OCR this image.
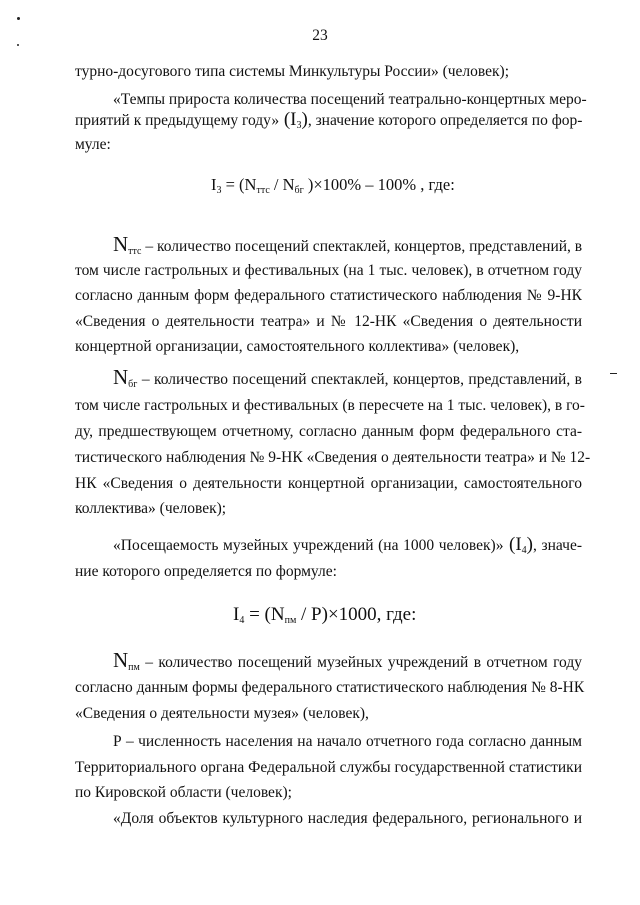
23

турно-досугового типа системы Минкультуры России» (человек);

«Темпы прироста количества посещений театрально-концертных меро-

приятий к предыдущему году» $(I_3)$, значение которого определяется по фор-

муле:

$I_3 = (N_{ттс} / N_{бг}$ )×100% – 100% , где:

$N_{ттс}$ – количество посещений спектаклей, концертов, представлений, в

том числе гастрольных и фестивальных (на 1 тыс. человек), в отчетном году

согласно данным форм федерального статистического наблюдения № 9-НК

«Сведения о деятельности театра» и № 12-НК «Сведения о деятельности

концертной организации, самостоятельного коллектива» (человек),

$N_{бг}$ – количество посещений спектаклей, концертов, представлений, в

том числе гастрольных и фестивальных (в пересчете на 1 тыс. человек), в го-

ду, предшествующем отчетному, согласно данным форм федерального ста-

тистического наблюдения № 9-НК «Сведения о деятельности театра» и № 12-

НК «Сведения о деятельности концертной организации, самостоятельного

коллектива» (человек);

«Посещаемость музейных учреждений (на 1000 человек)» $(I_4)$, значе-

ние которого определяется по формуле:

$I_4 = (N_{пм} / P)\times 1000$, где:

$N_{пм}$ – количество посещений музейных учреждений в отчетном году

согласно данным формы федерального статистического наблюдения № 8-НК

«Сведения о деятельности музея» (человек),

Р – численность населения на начало отчетного года согласно данным

Территориального органа Федеральной службы государственной статистики

по Кировской области (человек);

«Доля объектов культурного наследия федерального, регионального и
